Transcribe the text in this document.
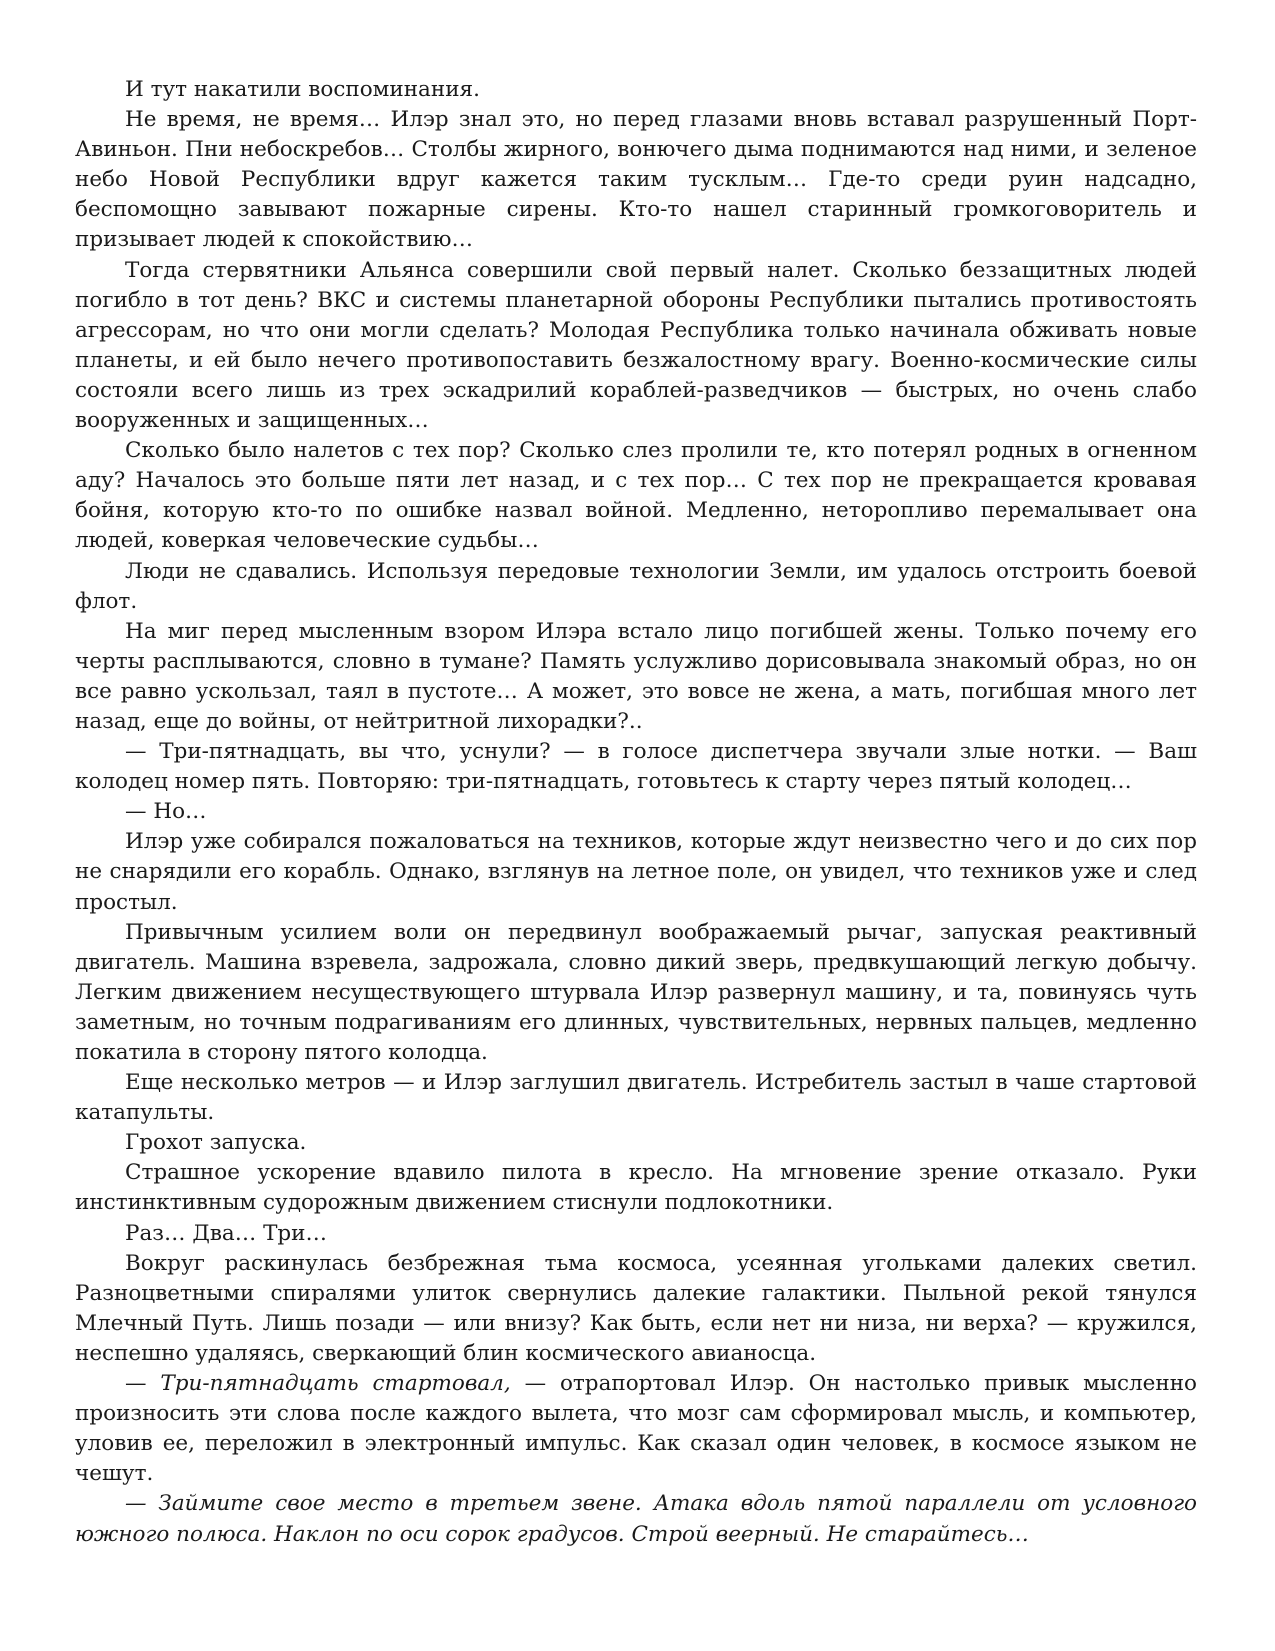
И тут накатили воспоминания.

Не время, не время… Илэр знал это, но перед глазами вновь вставал разрушенный Порт-Авиньон. Пни небоскребов… Столбы жирного, вонючего дыма поднимаются над ними, и зеленое небо Новой Республики вдруг кажется таким тусклым… Где-то среди руин надсадно, беспомощно завывают пожарные сирены. Кто-то нашел старинный громкоговоритель и призывает людей к спокойствию…

Тогда стервятники Альянса совершили свой первый налет. Сколько беззащитных людей погибло в тот день? ВКС и системы планетарной обороны Республики пытались противостоять агрессорам, но что они могли сделать? Молодая Республика только начинала обживать новые планеты, и ей было нечего противопоставить безжалостному врагу. Военно-космические силы состояли всего лишь из трех эскадрилий кораблей-разведчиков — быстрых, но очень слабо вооруженных и защищенных…

Сколько было налетов с тех пор? Сколько слез пролили те, кто потерял родных в огненном аду? Началось это больше пяти лет назад, и с тех пор… С тех пор не прекращается кровавая бойня, которую кто-то по ошибке назвал войной. Медленно, неторопливо перемалывает она людей, коверкая человеческие судьбы…

Люди не сдавались. Используя передовые технологии Земли, им удалось отстроить боевой флот.

На миг перед мысленным взором Илэра встало лицо погибшей жены. Только почему его черты расплываются, словно в тумане? Память услужливо дорисовывала знакомый образ, но он все равно ускользал, таял в пустоте… А может, это вовсе не жена, а мать, погибшая много лет назад, еще до войны, от нейтритной лихорадки?..

— Три-пятнадцать, вы что, уснули? — в голосе диспетчера звучали злые нотки. — Ваш колодец номер пять. Повторяю: три-пятнадцать, готовьтесь к старту через пятый колодец…

— Но…

Илэр уже собирался пожаловаться на техников, которые ждут неизвестно чего и до сих пор не снарядили его корабль. Однако, взглянув на летное поле, он увидел, что техников уже и след простыл.

Привычным усилием воли он передвинул воображаемый рычаг, запуская реактивный двигатель. Машина взревела, задрожала, словно дикий зверь, предвкушающий легкую добычу. Легким движением несуществующего штурвала Илэр развернул машину, и та, повинуясь чуть заметным, но точным подрагиваниям его длинных, чувствительных, нервных пальцев, медленно покатила в сторону пятого колодца.

Еще несколько метров — и Илэр заглушил двигатель. Истребитель застыл в чаше стартовой катапульты.

Грохот запуска.

Страшное ускорение вдавило пилота в кресло. На мгновение зрение отказало. Руки инстинктивным судорожным движением стиснули подлокотники.

Раз… Два… Три…

Вокруг раскинулась безбрежная тьма космоса, усеянная угольками далеких светил. Разноцветными спиралями улиток свернулись далекие галактики. Пыльной рекой тянулся Млечный Путь. Лишь позади — или внизу? Как быть, если нет ни низа, ни верха? — кружился, неспешно удаляясь, сверкающий блин космического авианосца.

— Три-пятнадцать стартовал, — отрапортовал Илэр. Он настолько привык мысленно произносить эти слова после каждого вылета, что мозг сам сформировал мысль, и компьютер, уловив ее, переложил в электронный импульс. Как сказал один человек, в космосе языком не чешут.

— Займите свое место в третьем звене. Атака вдоль пятой параллели от условного южного полюса. Наклон по оси сорок градусов. Строй веерный. Не старайтесь…
